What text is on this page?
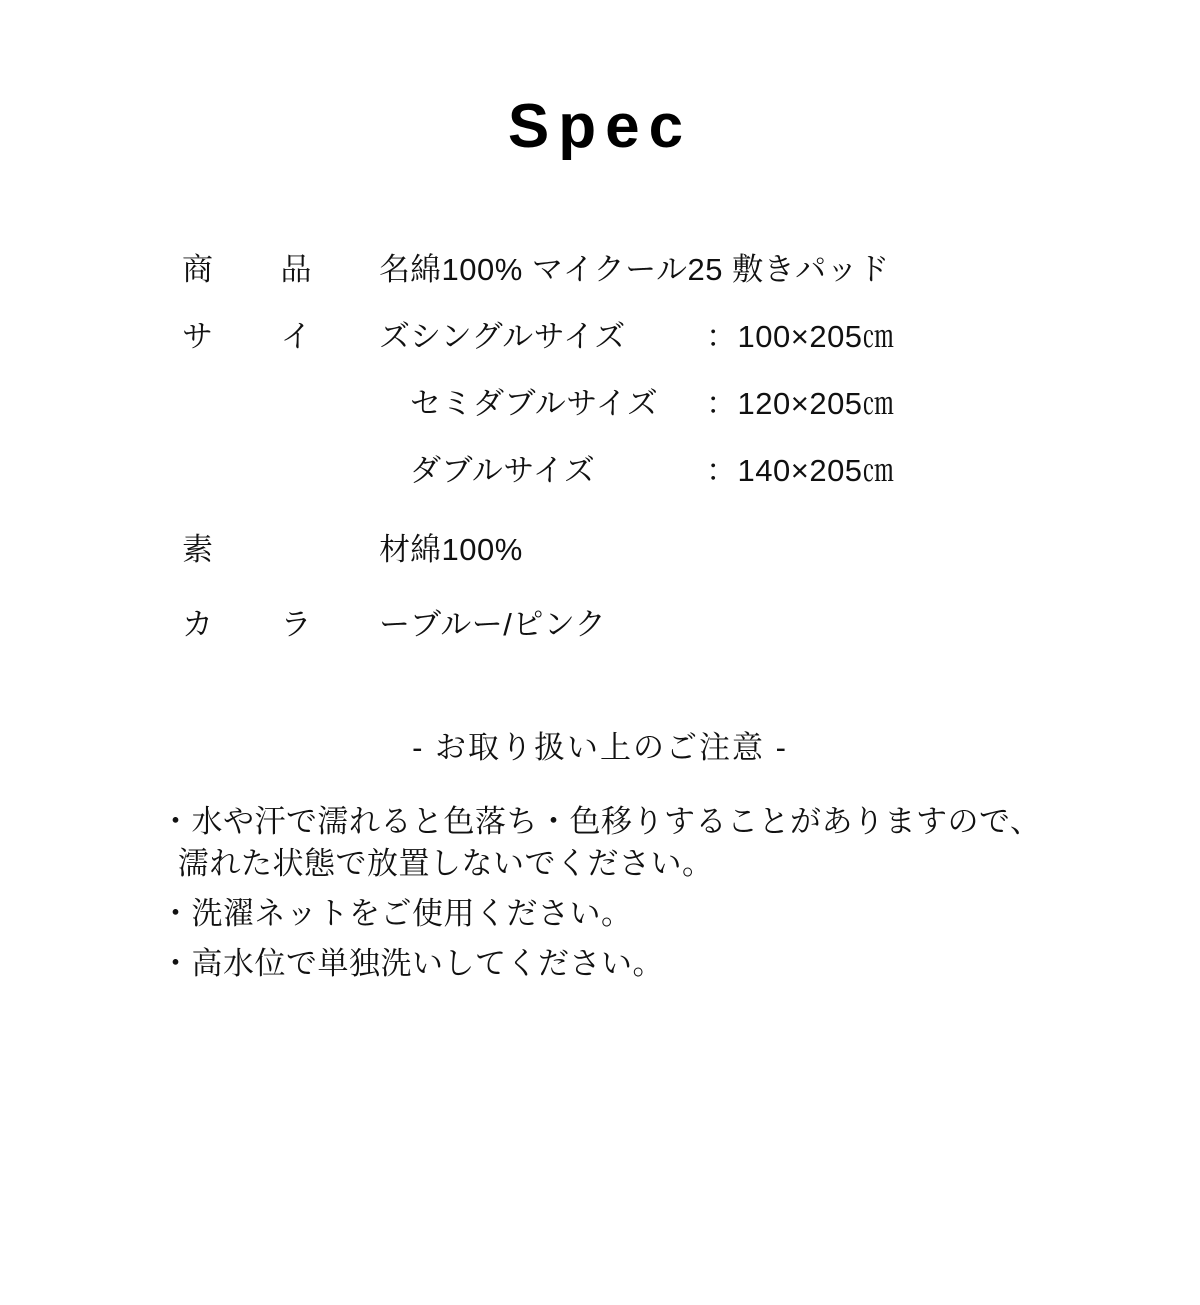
Spec
商 品 名 綿100% マイクール25 敷きパッド
サ イ ズ シングルサイズ	：100×205㎝
セミダブルサイズ ：120×205㎝
ダブルサイズ	：140×205㎝
素	材 綿100%
カ ラ ー ブルー/ピンク
- お取り扱い上のご注意 -
・水や汗で濡れると色落ち・色移りすることがありますので、
濡れた状態で放置しないでください。
・洗濯ネットをご使用ください。
・高水位で単独洗いしてください。
